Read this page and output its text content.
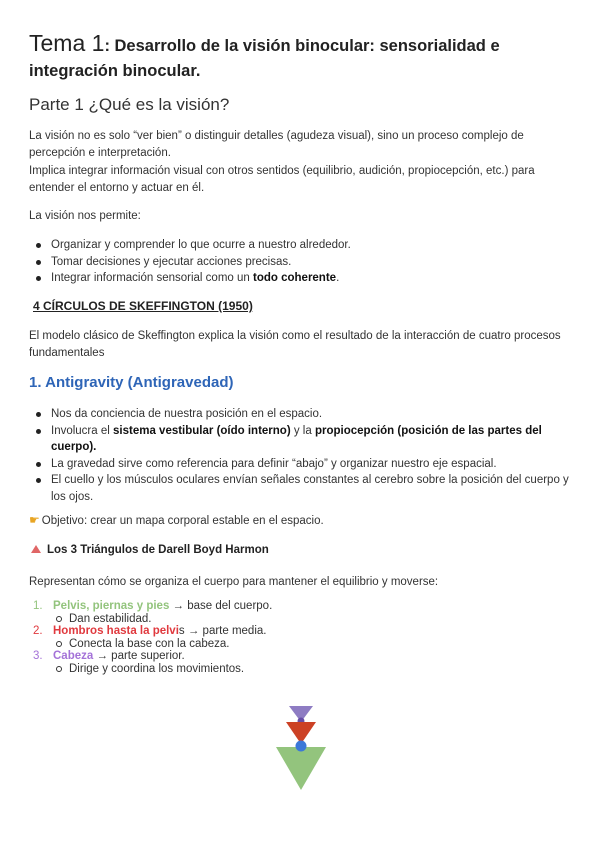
Tema 1: Desarrollo de la visión binocular: sensorialidad e integración binocular.
Parte 1 ¿Qué es la visión?
La visión no es solo “ver bien” o distinguir detalles (agudeza visual), sino un proceso complejo de percepción e interpretación.
Implica integrar información visual con otros sentidos (equilibrio, audición, propiocepción, etc.) para entender el entorno y actuar en él.
La visión nos permite:
Organizar y comprender lo que ocurre a nuestro alrededor.
Tomar decisiones y ejecutar acciones precisas.
Integrar información sensorial como un todo coherente.
4 CÍRCULOS DE SKEFFINGTON (1950)
El modelo clásico de Skeffington explica la visión como el resultado de la interacción de cuatro procesos fundamentales
1. Antigravity (Antigravedad)
Nos da conciencia de nuestra posición en el espacio.
Involucra el sistema vestibular (oído interno) y la propiocepción (posición de las partes del cuerpo).
La gravedad sirve como referencia para definir “abajo” y organizar nuestro eje espacial.
El cuello y los músculos oculares envían señales constantes al cerebro sobre la posición del cuerpo y los ojos.
☛ Objetivo: crear un mapa corporal estable en el espacio.
Los 3 Triángulos de Darell Boyd Harmon
Representan cómo se organiza el cuerpo para mantener el equilibrio y moverse:
1. Pelvis, piernas y pies → base del cuerpo.
Dan estabilidad.
2. Hombros hasta la pelvis → parte media.
Conecta la base con la cabeza.
3. Cabeza → parte superior.
Dirige y coordina los movimientos.
